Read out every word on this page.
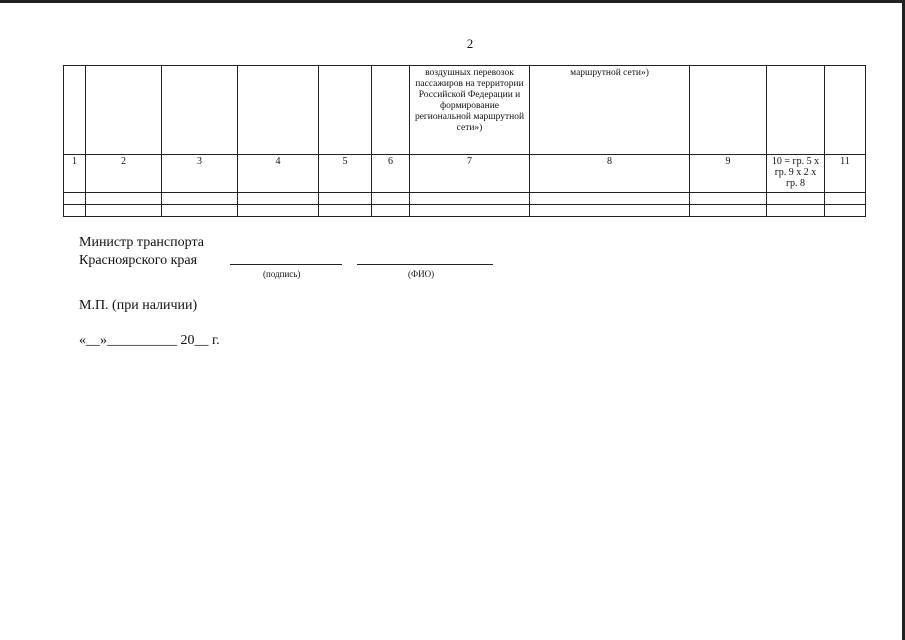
2
						воздушных перевозок пассажиров на территории Российской Федерации и формирование региональной маршрутной сети»)	маршрутной сети»)			
1	2	3	4	5	6	7	8	9	10 = гр. 5 х гр. 9 х 2 х гр. 8	11

Министр транспорта
Красноярского края
(подпись)	(ФИО)
М.П. (при наличии)
«__»__________ 20__ г.
